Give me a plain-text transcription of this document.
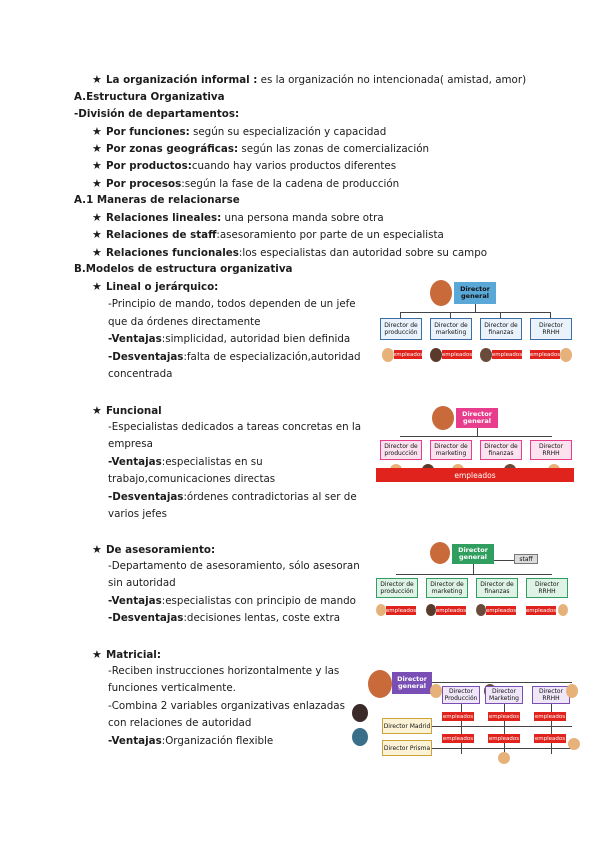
★ La organización informal : es la organización no intencionada( amistad, amor)
A.Estructura Organizativa
-División de departamentos:
★ Por funciones: según su especialización y capacidad
★ Por zonas geográficas: según las zonas de comercialización
★ Por productos:cuando hay varios productos diferentes
★ Por procesos:según la fase de la cadena de producción
A.1 Maneras de relacionarse
★ Relaciones lineales: una persona manda sobre otra
★ Relaciones de staff:asesoramiento por parte de un especialista
★ Relaciones funcionales:los especialistas dan autoridad sobre su campo
B.Modelos de estructura organizativa
★ Lineal o jerárquico:
-Principio de mando, todos dependen de un jefe
que da órdenes directamente
-Ventajas:simplicidad, autoridad bien definida
-Desventajas:falta de especialización,autoridad
concentrada
★ Funcional
-Especialistas dedicados a tareas concretas en la
empresa
-Ventajas:especialistas en su
trabajo,comunicaciones directas
-Desventajas:órdenes contradictorias al ser de
varios jefes
★ De asesoramiento:
-Departamento de asesoramiento, sólo asesoran
sin autoridad
-Ventajas:especialistas con principio de mando
-Desventajas:decisiones lentas, coste extra
★ Matricial:
-Reciben instrucciones horizontalmente y las
funciones verticalmente.
-Combina 2 variables organizativas enlazadas
con relaciones de autoridad
-Ventajas:Organización flexible
Director general
Director de producción
Director de marketing
Director de finanzas
Director RRHH
empleados	empleados	empleados empleados
Director general
Director de producción
Director de marketing
Director de finanzas
Director RRHH
empleados
Director general	staff
Director de producción
Director de marketing
Director de finanzas
Director RRHH
empleados	empleados	empleados empleados
Director general
Director Producción
Director Marketing
Director RRHH
Director Madrid
Director Prisma
empleados	empleados	empleados
empleados	empleados	empleados
